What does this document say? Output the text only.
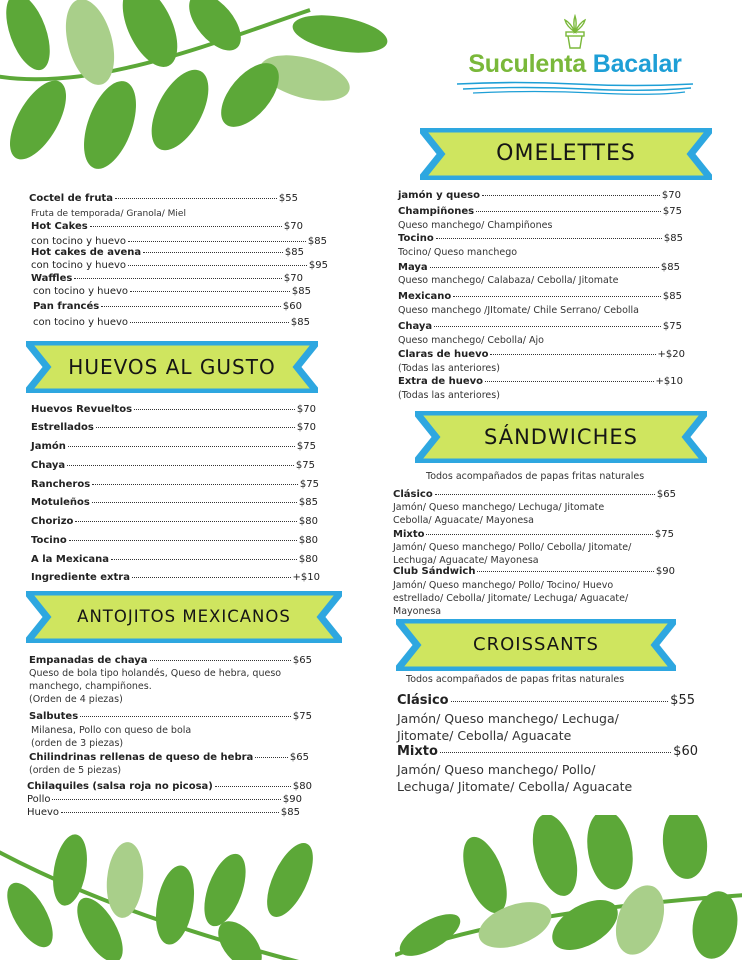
Suculenta Bacalar
OMELETTES
HUEVOS AL GUSTO
ANTOJITOS MEXICANOS
SÁNDWICHES
CROISSANTS
Coctel de fruta	$55
Fruta de temporada/ Granola/ Miel
Hot Cakes	$70
con tocino y huevo	$85
Hot cakes de avena	$85
con tocino y huevo	$95
Waffles	$70
con tocino y huevo	$85
Pan francés	$60
con tocino y huevo	$85
Huevos Revueltos	$70
Estrellados	$70
Jamón	$75
Chaya	$75
Rancheros	$75
Motuleños	$85
Chorizo	$80
Tocino	$80
A la Mexicana	$80
Ingrediente extra	+$10
Empanadas de chaya	$65
Queso de bola tipo holandés, Queso de hebra, queso
manchego, champiñones.
(Orden de 4 piezas)
Salbutes	$75
Milanesa, Pollo con queso de bola
(orden de 3 piezas)
Chilindrinas rellenas de queso de hebra	$65
(orden de 5 piezas)
Chilaquiles (salsa roja no picosa)	$80
Pollo	$90
Huevo	$85
jamón y queso	$70
Champiñones	$75
Queso manchego/ Champiñones
Tocino	$85
Tocino/ Queso manchego
Maya	$85
Queso manchego/ Calabaza/ Cebolla/ Jitomate
Mexicano	$85
Queso manchego /JItomate/ Chile Serrano/ Cebolla
Chaya	$75
Queso manchego/ Cebolla/ Ajo
Claras de huevo	+$20
(Todas las anteriores)
Extra de huevo	+$10
(Todas las anteriores)
Todos acompañados de papas fritas naturales
Clásico	$65
Jamón/ Queso manchego/ Lechuga/ Jitomate
Cebolla/ Aguacate/ Mayonesa
Mixto	$75
Jamón/ Queso manchego/ Pollo/ Cebolla/ Jitomate/
Lechuga/ Aguacate/ Mayonesa
Club Sándwich	$90
Jamón/ Queso manchego/ Pollo/ Tocino/ Huevo
estrellado/ Cebolla/ Jitomate/ Lechuga/ Aguacate/
Mayonesa
Todos acompañados de papas fritas naturales
Clásico	$55
Jamón/ Queso manchego/ Lechuga/
Jitomate/ Cebolla/ Aguacate
Mixto	$60
Jamón/ Queso manchego/ Pollo/
Lechuga/ Jitomate/ Cebolla/ Aguacate
